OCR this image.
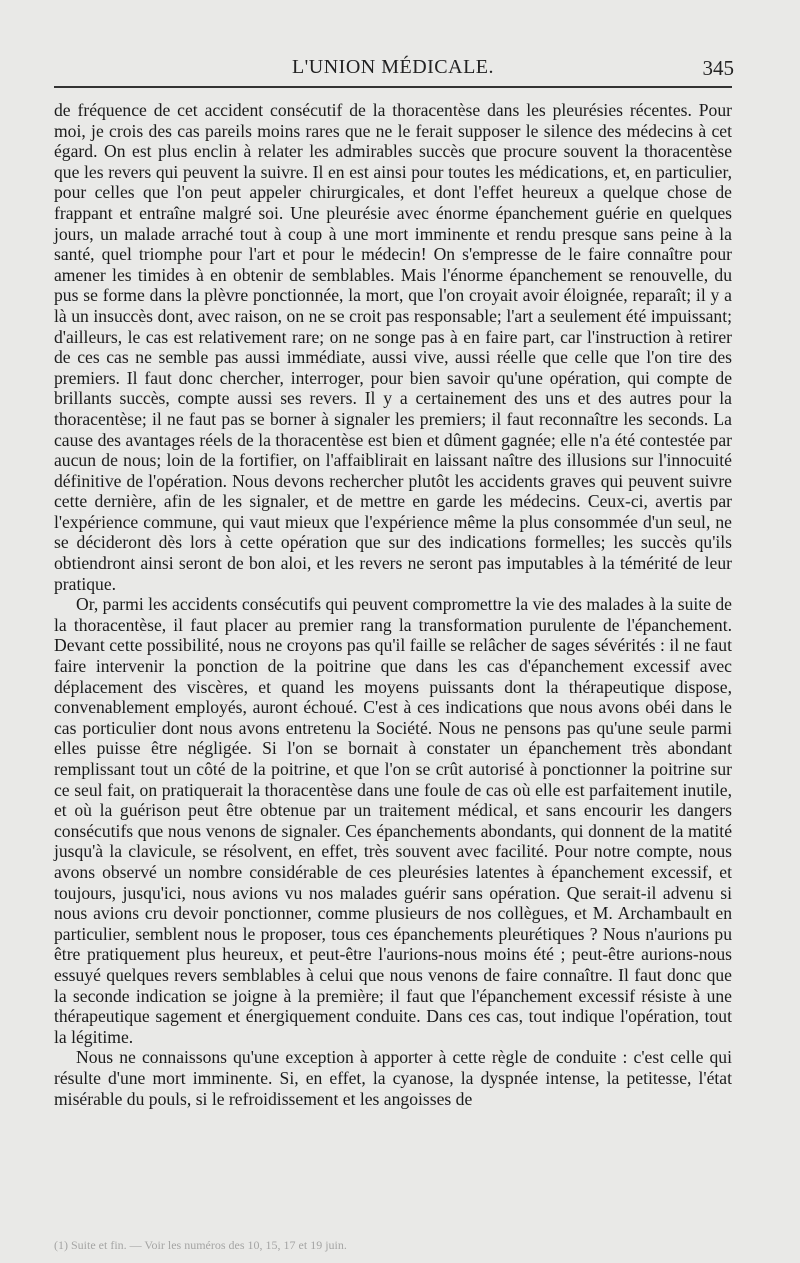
L'UNION MÉDICALE.	345

de fréquence de cet accident consécutif de la thoracentèse dans les pleurésies récentes. Pour moi, je crois des cas pareils moins rares que ne le ferait supposer le silence des médecins à cet égard. On est plus enclin à relater les admirables succès que procure souvent la thoracentèse que les revers qui peuvent la suivre. Il en est ainsi pour toutes les médications, et, en particulier, pour celles que l'on peut appeler chirurgicales, et dont l'effet heureux a quelque chose de frappant et entraîne malgré soi. Une pleurésie avec énorme épanchement guérie en quelques jours, un malade arraché tout à coup à une mort imminente et rendu presque sans peine à la santé, quel triomphe pour l'art et pour le médecin! On s'empresse de le faire connaître pour amener les timides à en obtenir de semblables. Mais l'énorme épanchement se renouvelle, du pus se forme dans la plèvre ponctionnée, la mort, que l'on croyait avoir éloignée, reparaît; il y a là un insuccès dont, avec raison, on ne se croit pas responsable; l'art a seulement été impuissant; d'ailleurs, le cas est relativement rare; on ne songe pas à en faire part, car l'instruction à retirer de ces cas ne semble pas aussi immédiate, aussi vive, aussi réelle que celle que l'on tire des premiers. Il faut donc chercher, interroger, pour bien savoir qu'une opération, qui compte de brillants succès, compte aussi ses revers. Il y a certainement des uns et des autres pour la thoracentèse; il ne faut pas se borner à signaler les premiers; il faut reconnaître les seconds. La cause des avantages réels de la thoracentèse est bien et dûment gagnée; elle n'a été contestée par aucun de nous; loin de la fortifier, on l'affaiblirait en laissant naître des illusions sur l'innocuité définitive de l'opération. Nous devons rechercher plutôt les accidents graves qui peuvent suivre cette dernière, afin de les signaler, et de mettre en garde les médecins. Ceux-ci, avertis par l'expérience commune, qui vaut mieux que l'expérience même la plus consommée d'un seul, ne se décideront dès lors à cette opération que sur des indications formelles; les succès qu'ils obtiendront ainsi seront de bon aloi, et les revers ne seront pas imputables à la témérité de leur pratique.

Or, parmi les accidents consécutifs qui peuvent compromettre la vie des malades à la suite de la thoracentèse, il faut placer au premier rang la transformation purulente de l'épanchement. Devant cette possibilité, nous ne croyons pas qu'il faille se relâcher de sages sévérités : il ne faut faire intervenir la ponction de la poitrine que dans les cas d'épanchement excessif avec déplacement des viscères, et quand les moyens puissants dont la thérapeutique dispose, convenablement employés, auront échoué. C'est à ces indications que nous avons obéi dans le cas porticulier dont nous avons entretenu la Société. Nous ne pensons pas qu'une seule parmi elles puisse être négligée. Si l'on se bornait à constater un épanchement très abondant remplissant tout un côté de la poitrine, et que l'on se crût autorisé à ponctionner la poitrine sur ce seul fait, on pratiquerait la thoracentèse dans une foule de cas où elle est parfaitement inutile, et où la guérison peut être obtenue par un traitement médical, et sans encourir les dangers consécutifs que nous venons de signaler. Ces épanchements abondants, qui donnent de la matité jusqu'à la clavicule, se résolvent, en effet, très souvent avec facilité. Pour notre compte, nous avons observé un nombre considérable de ces pleurésies latentes à épanchement excessif, et toujours, jusqu'ici, nous avions vu nos malades guérir sans opération. Que serait-il advenu si nous avions cru devoir ponctionner, comme plusieurs de nos collègues, et M. Archambault en particulier, semblent nous le proposer, tous ces épanchements pleurétiques ? Nous n'aurions pu être pratiquement plus heureux, et peut-être l'aurions-nous moins été ; peut-être aurions-nous essuyé quelques revers semblables à celui que nous venons de faire connaître. Il faut donc que la seconde indication se joigne à la première; il faut que l'épanchement excessif résiste à une thérapeutique sagement et énergiquement conduite. Dans ces cas, tout indique l'opération, tout la légitime.

Nous ne connaissons qu'une exception à apporter à cette règle de conduite : c'est celle qui résulte d'une mort imminente. Si, en effet, la cyanose, la dyspnée intense, la petitesse, l'état misérable du pouls, si le refroidissement et les angoisses de

(1) Suite et fin. — Voir les numéros des 10, 15, 17 et 19 juin.
